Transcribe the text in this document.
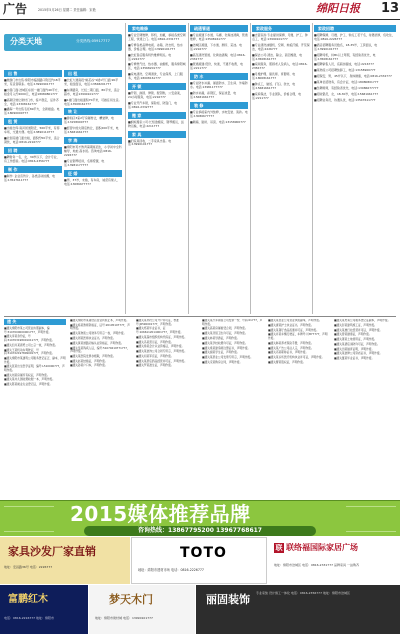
广告	2015年5月26日 星期二 责任编辑：宋艳	绵阳日报 13
分类天地	分类热线:05917777
出 售
■旅游门市出售:绵阳市临园路口附近约18平米，有意者联系。电话:13990901777
■出售门面:涪城区东街一楼门面约40平方，租金月入约2000元，电话18980801777
■高新区转让建材门市，客户稳定，证件齐全，电话:13308161777
■鑫海一号出售毛坯89平方，全新楼盘。电话:18090000777
租 赁
■出租仓库:南河街道附近，500平米，有停车场，交通方便。电话:13890110777
■北街底楼门面出租，面积约50平米，适合餐饮，电话:0816-2216777
招 聘
■聘财务一名，女，30岁以下，会计专业，有工作经验。电话:0816-2356777
制 作
■制作: 企业宣传片、各类活动拍摄，电话:13547611777
出 租
■长虹大道南段"桃花谷"1楼1号门面:90平米，租金面议，电话:13568201777
■东津路旁，长虹二期门面，80平米，适合超市，电话13990101777
■1楼门面出租面积70平米，可做任何生意。电话:13508161777
转 让
■游仙区3室2厅房屋转让，精装修，电话:13158900777
■经营中的火锅店转让，面积200平米，电话:15681661777
学 海
■绵阳市英才教育暑期班招生，小学初中全科辅导，地址:高水街。咨询电话:0816-2226777
■专业钢琴培训，名师授课，电话:13981177777
征 婚
■男，37岁，未婚，有车房，诚觅有缘人，电话:13086677777
家电维修
■专业空调维修、移机、加氟，承接各类空调工程，快速上门。电话:0816-2331777
■专修各类品牌电视、冰箱、洗衣机，热水器，价格合理。电话:13990101777
■长虹售后服务特约维修网点。电话:2222777
■专修燃气灶、热水器、油烟机，服务绵阳城区，电话:13568201777
■家电清洗、空调清洗，专业保养，上门服务，电话:18008161777
开 锁
■开锁、换锁、修锁、配钥匙，公安备案，24小时服务，电话:2216777
■专业开汽车锁，保险柜，防盗门，电话:0816-2332777
搬 家
■蚂蚁搬家公司:长短途搬家，钢琴搬运，货物运输，电话:2211777
家 具
■旧家具回收，二手家具出售。电话:13990101777
疏通管道
■专业疏通下水道、马桶、化粪池清掏，管道维修，电话:13508161777
■涪城区疏通，下水道、厕所、菜池。电话:2216777
■高压清洗管道、化粪池清掏，电话:0816-2332777
■管道疏通:低价，快速，不通不收费，电话:2211777
防 水
■专业防水补漏、屋面防水、卫生间、外墙防水。电话:13981177777
■防水补漏，彩钢瓦，保证质量，电话:15681661777
装 修
■专业承接室内外装修、水电安装、瓷砖。电话:13086677777
■刷墙、贴砖、吊顶、电话:13158900777
家政服务
■吉蓝家政:专业提供保姆、月嫂、护工、钟点工，电话:13990101777
■专业清洗油烟机、空调、地板打蜡、开荒保洁，电话:2226777
■保洁公司:清洁、除尘、高空擦窗，电话:13508161777
■家政服务，照顾老人及病人，电话:0816-2356777
■月嫂护理、催乳师、育婴师、电话:18008161777
■钟点工，做饭、打扫、洗衣，电话:15681661777
■家庭保洁，专业团队，价格合理，电话:2211777
家政招聘
■招聘保姆、月嫂、护工、钟点工若干名，待遇优厚，包吃住，电话:0816-2226777
■酒店招聘服务员数名，18-35岁，工资面议，电话:13990101777
■招聘司机，持B1以上驾照，有经验者优先，电话:13508161777
■招聘销售人员，底薪加提成，电话:2216777
■某物流公司招聘装卸工，电话:13158900777
■招保安，男，45岁以下，身体健康，电话:0816-2332777
■某单位招财务，有会计证，电话:18980801777
■急聘厨师，有经验者优先，电话:13086677777
■招收银员，女，18-30岁，电话:15681661777
■招聘业务员，待遇从优，电话:13547611777
遗 失
■遗失绵阳市某公司营业执照副本，编号:5107000000001777，声明作废。
■遗失李某身份证，号码:510703198001011777，声明作废。
■遗失四川某商贸公司公章一枚，声明作废。
■遗失王某机动车驾驶证，号码:510722197809091777，声明作废。
■遗失绵阳市某建筑公司税务登记证正、副本，声明作废。
■遗失张某出生医学证明，编号:L510000777，声明作废。
■遗失刘某房屋所有权证，声明作废。
■遗失某幼儿园收费收据一本，声明作废。
■遗失陈某就业失业登记证，声明作废。
■遗失绵阳市某餐饮店营业执照正本，声明作废。
■遗失杨某教师资格证，证号:20105107777，声明作废。
■遗失某物流公司财务专用章一枚，声明作废。
■遗失周某医师执业证书，声明作废。
■遗失黄某道路运输从业资格证，声明作废。
■遗失吴某残疾人证，编号:51070219771777，声明作废。
■遗失某医院发票存根联，声明作废。
■遗失赵某结婚证，声明作废。
■遗失孙某户口本，声明作废。
■遗失某科技公司开户许可证，核准号:J6590001777，声明作废。
■遗失郑某毕业证书，证号:1066112014001777，声明作废。
■遗失某超市组织机构代码证，声明作废。
■遗失冯某营运证，声明作废。
■遗失徐某会计从业资格证，声明作废。
■遗失某装饰公司合同专用章，声明作废。
■遗失何某军官证，声明作废。
■遗失某药店药品经营许可证，声明作废。
■遗失罗某准生证，声明作废。
■遗失某汽车销售公司发票一份，号码:01777，声明作废。
■遗失高某房屋租赁合同，声明作废。
■遗失某宾馆卫生许可证，声明作废。
■遗失林某导游证，声明作废。
■遗失某学校收费许可证，声明作废。
■遗失梁某建造师注册证书，声明作废。
■遗失谢某学生证，声明作废。
■遗失某药业公司发票专用章，声明作废。
■遗失宋某购房合同，声明作废。
■遗失某农业公司营业执照副本，声明作废。
■遗失唐某护士执业证书，声明作废。
■遗失某餐厅食品流通许可证，声明作废。
■遗失许某车辆行驶证，车牌号:川B77777，声明作废。
■遗失韩某养老保险手册，声明作废。
■遗失某广告公司法人章，声明作废。
■遗失邓某职称证书，声明作废。
■遗失某诊所医疗机构执业许可证，声明作废。
■遗失曹某股权证，声明作废。
■遗失某贸易公司税务登记证副本，声明作废。
■遗失彭某建筑施工证，声明作废。
■遗失某旅行社经营许可证，声明作废。
■遗失曾某健康证，声明作废。
■遗失萧某土地使用证，声明作废。
■遗失某酒店消防许可证，声明作废。
■遗失田某婚育证明，声明作废。
■遗失某装修公司资质证书，声明作废。
■遗失董某毕业证书，声明作废。
2015媒体推荐品牌
咨询热线：13867795200 13967768617
家具沙发厂家直销
地址：安昌路36号 电话：2226777
TOTO
地址：绵阳市建材市场 电话：0816-2226777
联 联络福国际家居广场
地址：绵阳市涪城区 电话：0816-2331777 品牌家具 一站购齐
富鹏红木
电话：0816-2216777 地址：绵阳市
梦天木门
地址：绵阳市建材城 电话：13990101777
丽固装饰 专业家装 设计施工一体化 电话：0816-2356777 地址：绵阳市涪城区
